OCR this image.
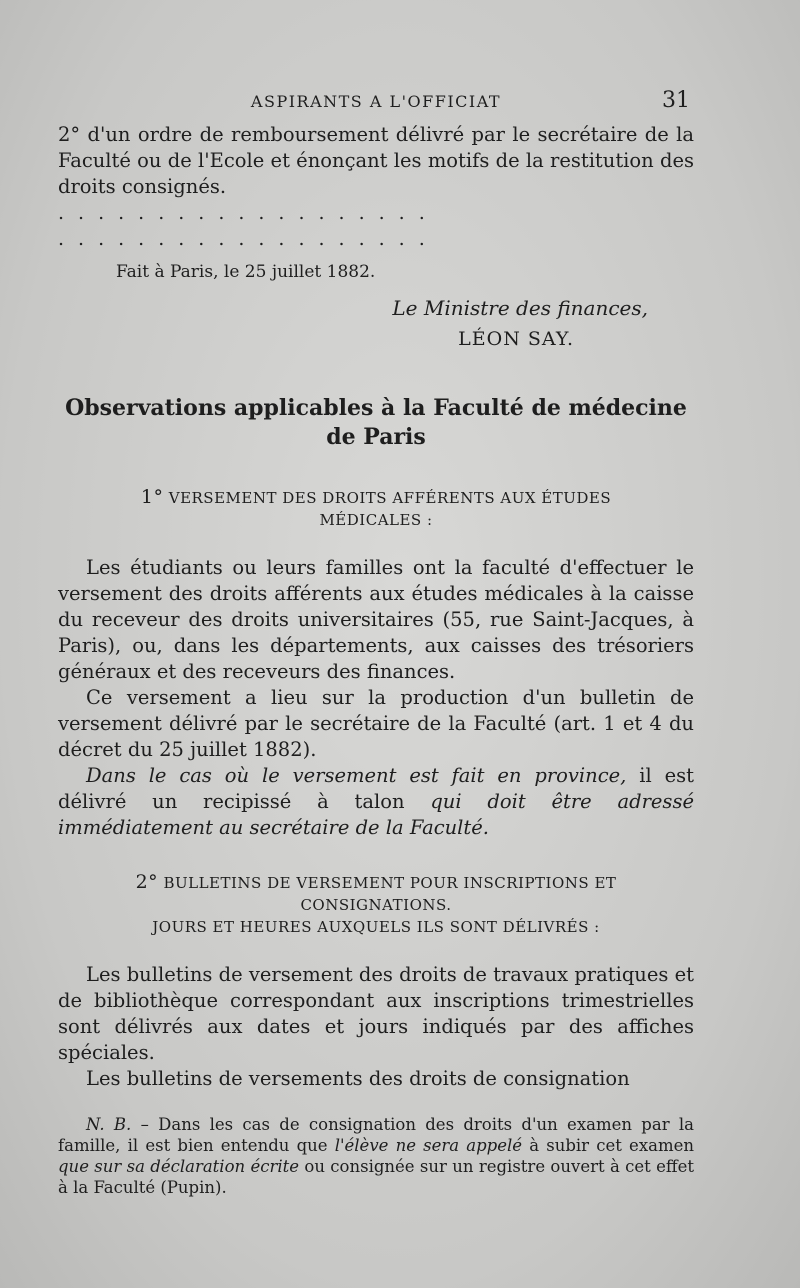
ASPIRANTS A L'OFFICIAT	31

2° d'un ordre de remboursement délivré par le secrétaire de la Faculté ou de l'Ecole et énonçant les motifs de la restitution des droits consignés.

...................
...................
Fait à Paris, le 25 juillet 1882.
Le Ministre des finances,
LÉON SAY.
Observations applicables à la Faculté de médecine
de Paris
1° VERSEMENT DES DROITS AFFÉRENTS AUX ÉTUDES
MÉDICALES :

Les étudiants ou leurs familles ont la faculté d'effectuer le versement des droits afférents aux études médicales à la caisse du receveur des droits universitaires (55, rue Saint-Jacques, à Paris), ou, dans les départements, aux caisses des trésoriers généraux et des receveurs des finances.

Ce versement a lieu sur la production d'un bulletin de versement délivré par le secrétaire de la Faculté (art. 1 et 4 du décret du 25 juillet 1882).

Dans le cas où le versement est fait en province, il est délivré un recipissé à talon qui doit être adressé immédiatement au secrétaire de la Faculté.

2° BULLETINS DE VERSEMENT POUR INSCRIPTIONS ET CONSIGNATIONS.
JOURS ET HEURES AUXQUELS ILS SONT DÉLIVRÉS :

Les bulletins de versement des droits de travaux pratiques et de bibliothèque correspondant aux inscriptions trimestrielles sont délivrés aux dates et jours indiqués par des affiches spéciales.

Les bulletins de versements des droits de consignation

N. B. – Dans les cas de consignation des droits d'un examen par la famille, il est bien entendu que l'élève ne sera appelé à subir cet examen que sur sa déclaration écrite ou consignée sur un registre ouvert à cet effet à la Faculté (Pupin).
